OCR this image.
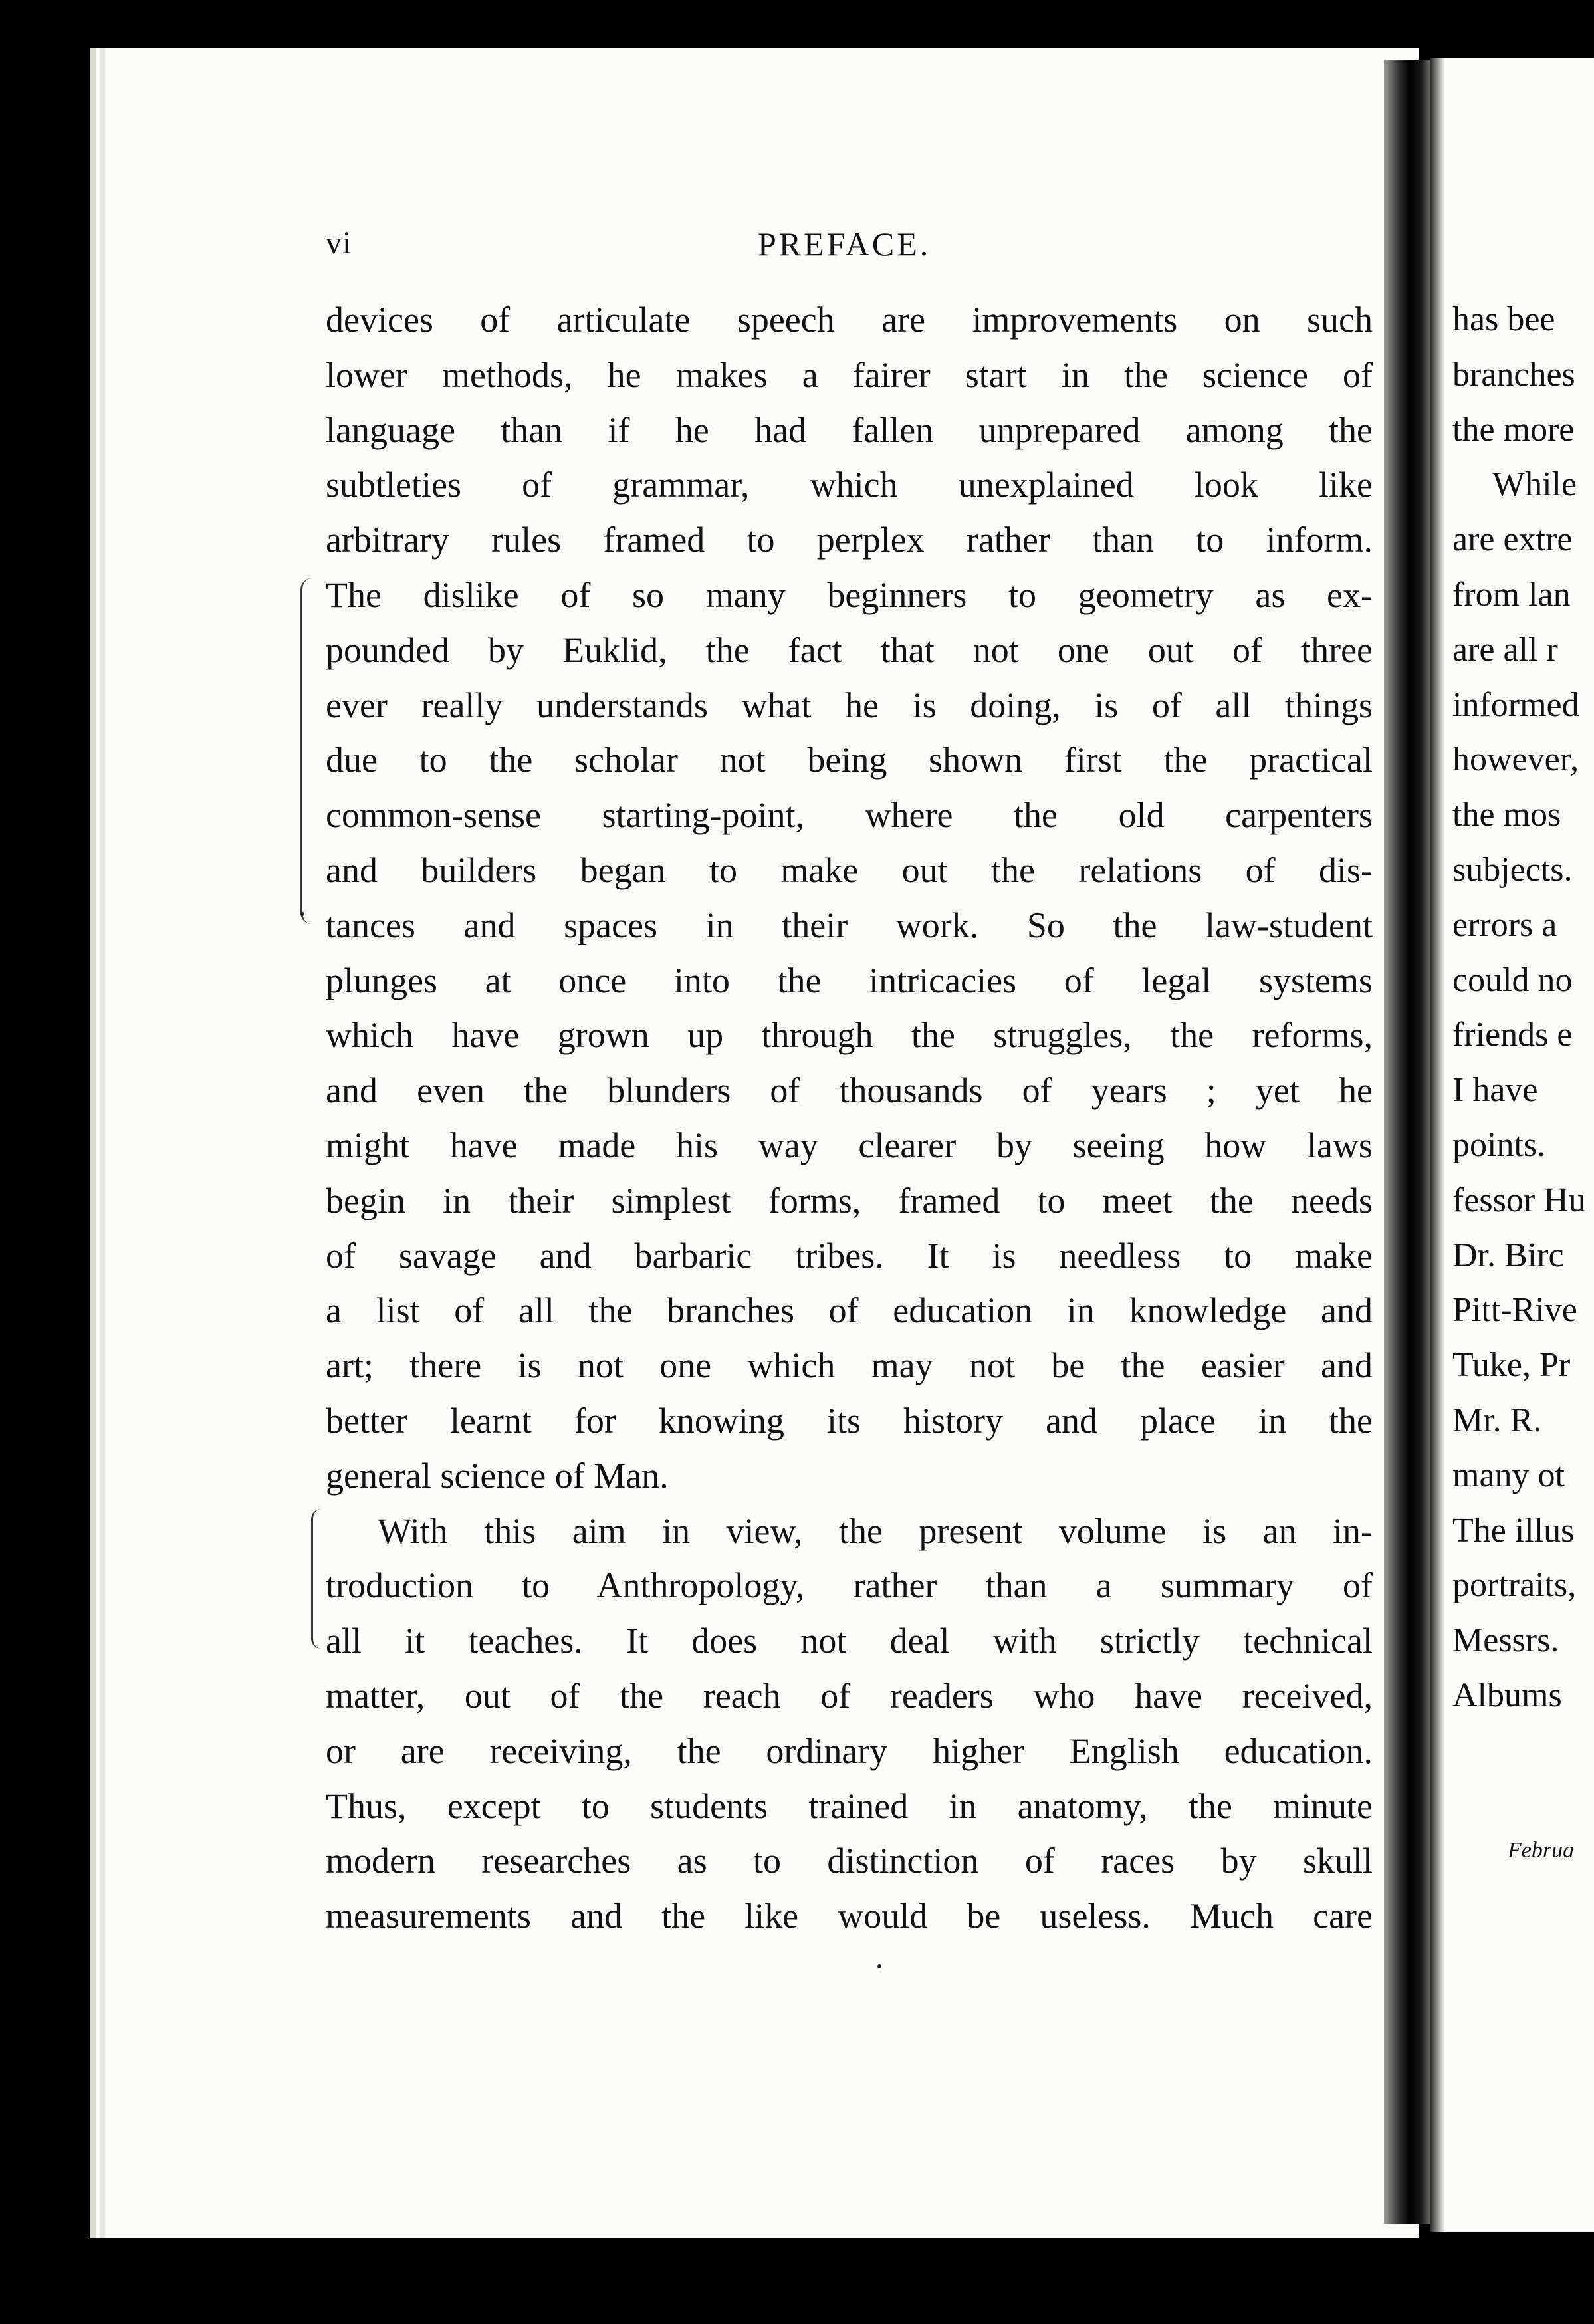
vi	PREFACE.
devices of articulate speech are improvements on such
lower methods, he makes a fairer start in the science of
language than if he had fallen unprepared among the
subtleties of grammar, which unexplained look like
arbitrary rules framed to perplex rather than to inform.
The dislike of so many beginners to geometry as ex-
pounded by Euklid, the fact that not one out of three
ever really understands what he is doing, is of all things
due to the scholar not being shown first the practical
common-sense starting-point, where the old carpenters
and builders began to make out the relations of dis-
tances and spaces in their work. So the law-student
plunges at once into the intricacies of legal systems
which have grown up through the struggles, the reforms,
and even the blunders of thousands of years ; yet he
might have made his way clearer by seeing how laws
begin in their simplest forms, framed to meet the needs
of savage and barbaric tribes. It is needless to make
a list of all the branches of education in knowledge and
art; there is not one which may not be the easier and
better learnt for knowing its history and place in the
general science of Man.
With this aim in view, the present volume is an in-
troduction to Anthropology, rather than a summary of
all it teaches. It does not deal with strictly technical
matter, out of the reach of readers who have received,
or are receiving, the ordinary higher English education.
Thus, except to students trained in anatomy, the minute
modern researches as to distinction of races by skull
measurements and the like would be useless. Much care
has bee
branches
the more
While
are extre
from lan
are all r
informed
however,
the mos
subjects.
errors a
could no
friends e
I have
points.
fessor Hu
Dr. Birc
Pitt-Rive
Tuke, Pr
Mr. R.
many ot
The illus
portraits,
Messrs.
Albums
Februa
